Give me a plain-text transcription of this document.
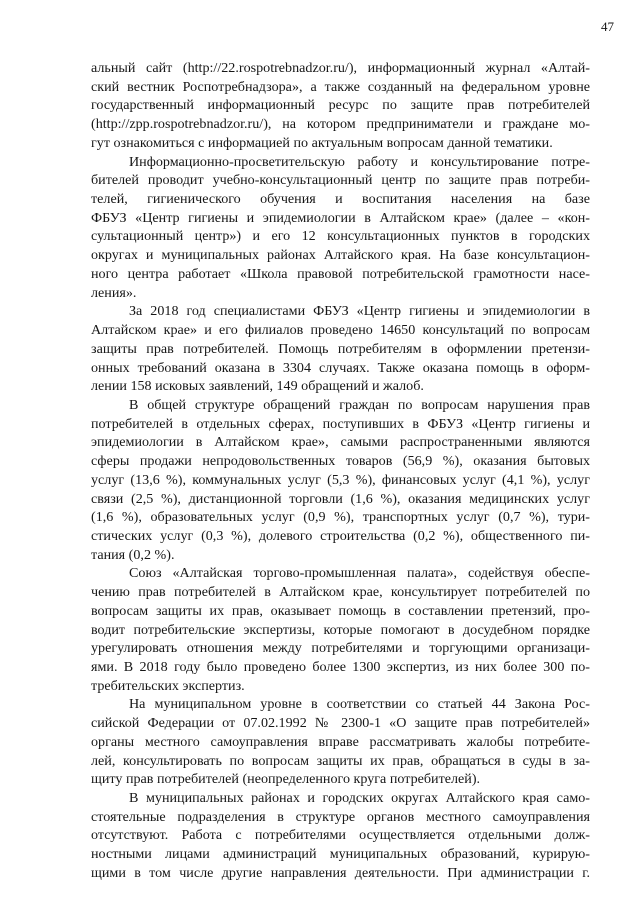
47
альный сайт (http://22.rospotrebnadzor.ru/), информационный журнал «Алтай-
ский вестник Роспотребнадзора», а также созданный на федеральном уровне
государственный информационный ресурс по защите прав потребителей
(http://zpp.rospotrebnadzor.ru/), на котором предприниматели и граждане мо-
гут ознакомиться с информацией по актуальным вопросам данной тематики.
Информационно-просветительскую работу и консультирование потре-
бителей проводит учебно-консультационный центр по защите прав потреби-
телей, гигиенического обучения и воспитания населения на базе
ФБУЗ «Центр гигиены и эпидемиологии в Алтайском крае» (далее – «кон-
сультационный центр») и его 12 консультационных пунктов в городских
округах и муниципальных районах Алтайского края. На базе консультацион-
ного центра работает «Школа правовой потребительской грамотности насе-
ления».
За 2018 год специалистами ФБУЗ «Центр гигиены и эпидемиологии в
Алтайском крае» и его филиалов проведено 14650 консультаций по вопросам
защиты прав потребителей. Помощь потребителям в оформлении претензи-
онных требований оказана в 3304 случаях. Также оказана помощь в оформ-
лении 158 исковых заявлений, 149 обращений и жалоб.
В общей структуре обращений граждан по вопросам нарушения прав
потребителей в отдельных сферах, поступивших в ФБУЗ «Центр гигиены и
эпидемиологии в Алтайском крае», самыми распространенными являются
сферы продажи непродовольственных товаров (56,9 %), оказания бытовых
услуг (13,6 %), коммунальных услуг (5,3 %), финансовых услуг (4,1 %), услуг
связи (2,5 %), дистанционной торговли (1,6 %), оказания медицинских услуг
(1,6 %), образовательных услуг (0,9 %), транспортных услуг (0,7 %), тури-
стических услуг (0,3 %), долевого строительства (0,2 %), общественного пи-
тания (0,2 %).
Союз «Алтайская торгово-промышленная палата», содействуя обеспе-
чению прав потребителей в Алтайском крае, консультирует потребителей по
вопросам защиты их прав, оказывает помощь в составлении претензий, про-
водит потребительские экспертизы, которые помогают в досудебном порядке
урегулировать отношения между потребителями и торгующими организаци-
ями. В 2018 году было проведено более 1300 экспертиз, из них более 300 по-
требительских экспертиз.
На муниципальном уровне в соответствии со статьей 44 Закона Рос-
сийской Федерации от 07.02.1992 № 2300-1 «О защите прав потребителей»
органы местного самоуправления вправе рассматривать жалобы потребите-
лей, консультировать по вопросам защиты их прав, обращаться в суды в за-
щиту прав потребителей (неопределенного круга потребителей).
В муниципальных районах и городских округах Алтайского края само-
стоятельные подразделения в структуре органов местного самоуправления
отсутствуют. Работа с потребителями осуществляется отдельными долж-
ностными лицами администраций муниципальных образований, курирую-
щими в том числе другие направления деятельности. При администрации г.
